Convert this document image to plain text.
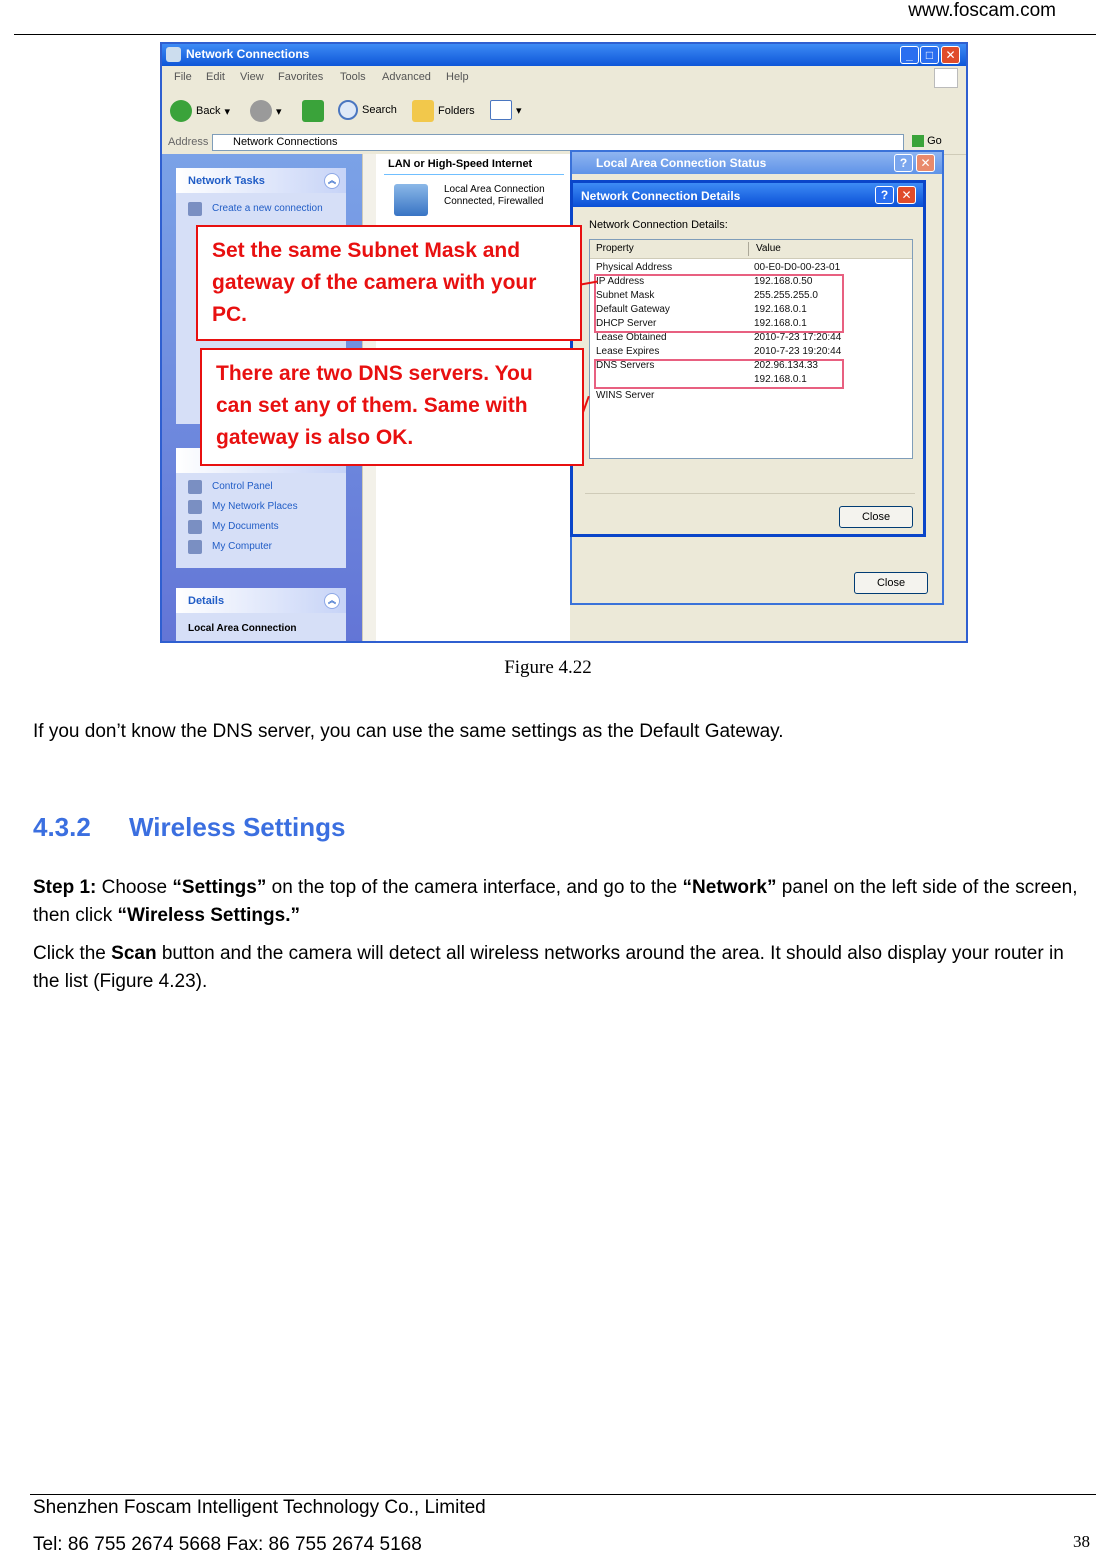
www.foscam.com
Network Connections	_	□	✕
File Edit View Favorites Tools Advanced Help
Back ▾	▾	Search	Folders	▾
Address	Network Connections	Go
Network Tasks	︽
Create a new connection
Control Panel
My Network Places
My Documents
My Computer
Details	︽
Local Area Connection
LAN or High-Speed Internet
Local Area Connection
Connected, Firewalled
Local Area Connection Status	?	✕
Close
Network Connection Details	?	✕
Network Connection Details:
Property	Value
Physical Address	00-E0-D0-00-23-01
IP Address	192.168.0.50
Subnet Mask	255.255.255.0
Default Gateway	192.168.0.1
DHCP Server	192.168.0.1
Lease Obtained	2010-7-23 17:20:44
Lease Expires	2010-7-23 19:20:44
DNS Servers	202.96.134.33
192.168.0.1
WINS Server
Close
Set the same Subnet Mask and gateway of the camera with your PC.
There are two DNS servers. You can set any of them. Same with gateway is also OK.
Figure 4.22
If you don’t know the DNS server, you can use the same settings as the Default Gateway.
4.3.2 Wireless Settings
Step 1: Choose “Settings” on the top of the camera interface, and go to the “Network” panel on the left side of the screen, then click “Wireless Settings.”
Click the Scan button and the camera will detect all wireless networks around the area. It should also display your router in the list (Figure 4.23).
Shenzhen Foscam Intelligent Technology Co., Limited
Tel: 86 755 2674 5668 Fax: 86 755 2674 5168	38
